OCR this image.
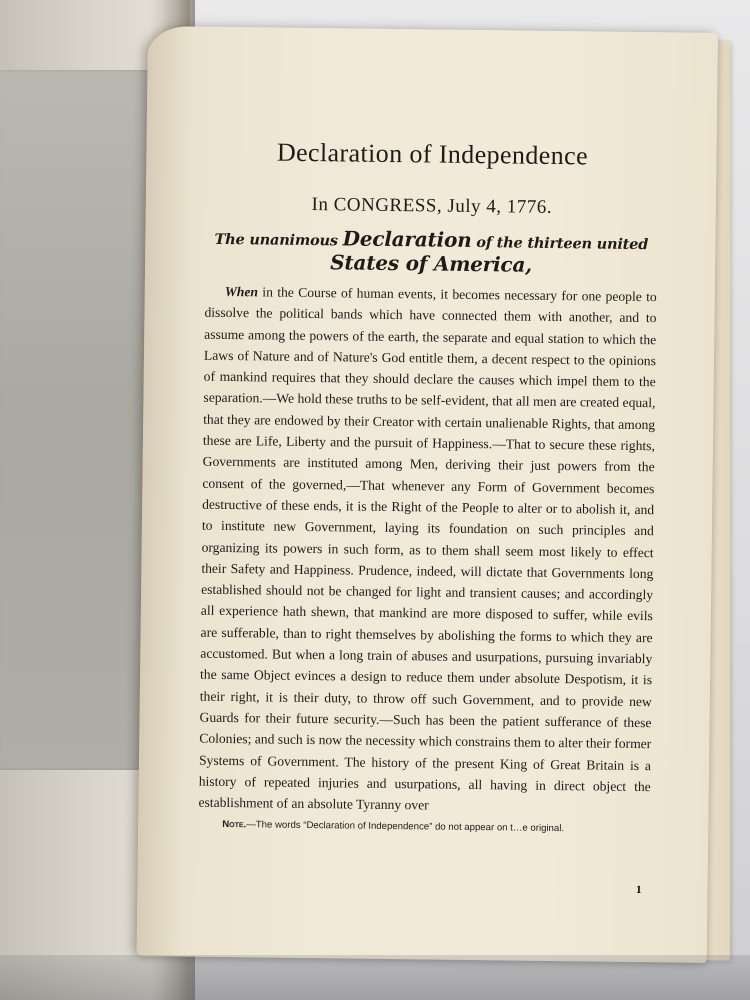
Declaration of Independence
In CONGRESS, July 4, 1776.
The unanimous Declaration of the thirteen united States of America,

When in the Course of human events, it becomes necessary for one people to dissolve the political bands which have connected them with another, and to assume among the powers of the earth, the separate and equal station to which the Laws of Nature and of Nature's God entitle them, a decent respect to the opinions of mankind requires that they should declare the causes which impel them to the separation.—We hold these truths to be self-evident, that all men are created equal, that they are endowed by their Creator with certain unalienable Rights, that among these are Life, Liberty and the pursuit of Happiness.—That to secure these rights, Governments are instituted among Men, deriving their just powers from the consent of the governed,—That whenever any Form of Government becomes destructive of these ends, it is the Right of the People to alter or to abolish it, and to institute new Government, laying its foundation on such principles and organizing its powers in such form, as to them shall seem most likely to effect their Safety and Happiness. Prudence, indeed, will dictate that Governments long established should not be changed for light and transient causes; and accordingly all experience hath shewn, that mankind are more disposed to suffer, while evils are sufferable, than to right themselves by abolishing the forms to which they are accustomed. But when a long train of abuses and usurpations, pursuing invariably the same Object evinces a design to reduce them under absolute Despotism, it is their right, it is their duty, to throw off such Government, and to provide new Guards for their future security.—Such has been the patient sufferance of these Colonies; and such is now the necessity which constrains them to alter their former Systems of Government. The history of the present King of Great Britain is a history of repeated injuries and usurpations, all having in direct object the establishment of an absolute Tyranny over

Note.—The words “Declaration of Independence” do not appear on t…e original.

1
